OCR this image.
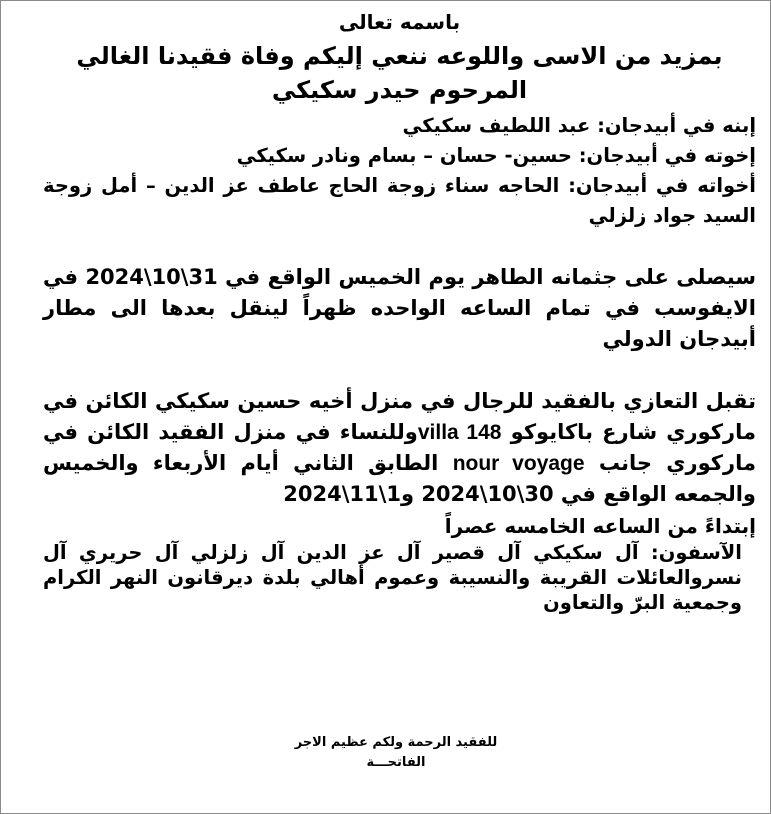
باسمه تعالى

بمزيد من الاسى واللوعه ننعي إليكم وفاة فقيدنا الغالي

المرحوم حيدر سكيكي

إبنه في أبيدجان: عبد اللطيف سكيكي

إخوته في أبيدجان: حسين- حسان – بسام ونادر سكيكي

أخواته في أبيدجان: الحاجه سناء زوجة الحاج عاطف عز الدين – أمل زوجة السيد جواد زلزلي

سيصلى على جثمانه الطاهر يوم الخميس الواقع في 31\10\2024 في الايفوسب في تمام الساعه الواحده ظهراً لينقل بعدها الى مطار أبيدجان الدولي

تقبل التعازي بالفقيد للرجال في منزل أخيه حسين سكيكي الكائن في ماركوري شارع باكايوكو villa 148وللنساء في منزل الفقيد الكائن في ماركوري جانب nour voyage الطابق الثاني أيام الأربعاء والخميس والجمعه الواقع في 30\10\2024 و1\11\2024

إبتداءً من الساعه الخامسه عصراً

الآسفون: آل سكيكي آل قصير آل عز الدين آل زلزلي آل حريري آل نسروالعائلات القريبة والنسيبة وعموم أهالي بلدة ديرقانون النهر الكرام وجمعية البرّ والتعاون

للفقيد الرحمة ولكم عظيم الاجر

الفاتحـــة
